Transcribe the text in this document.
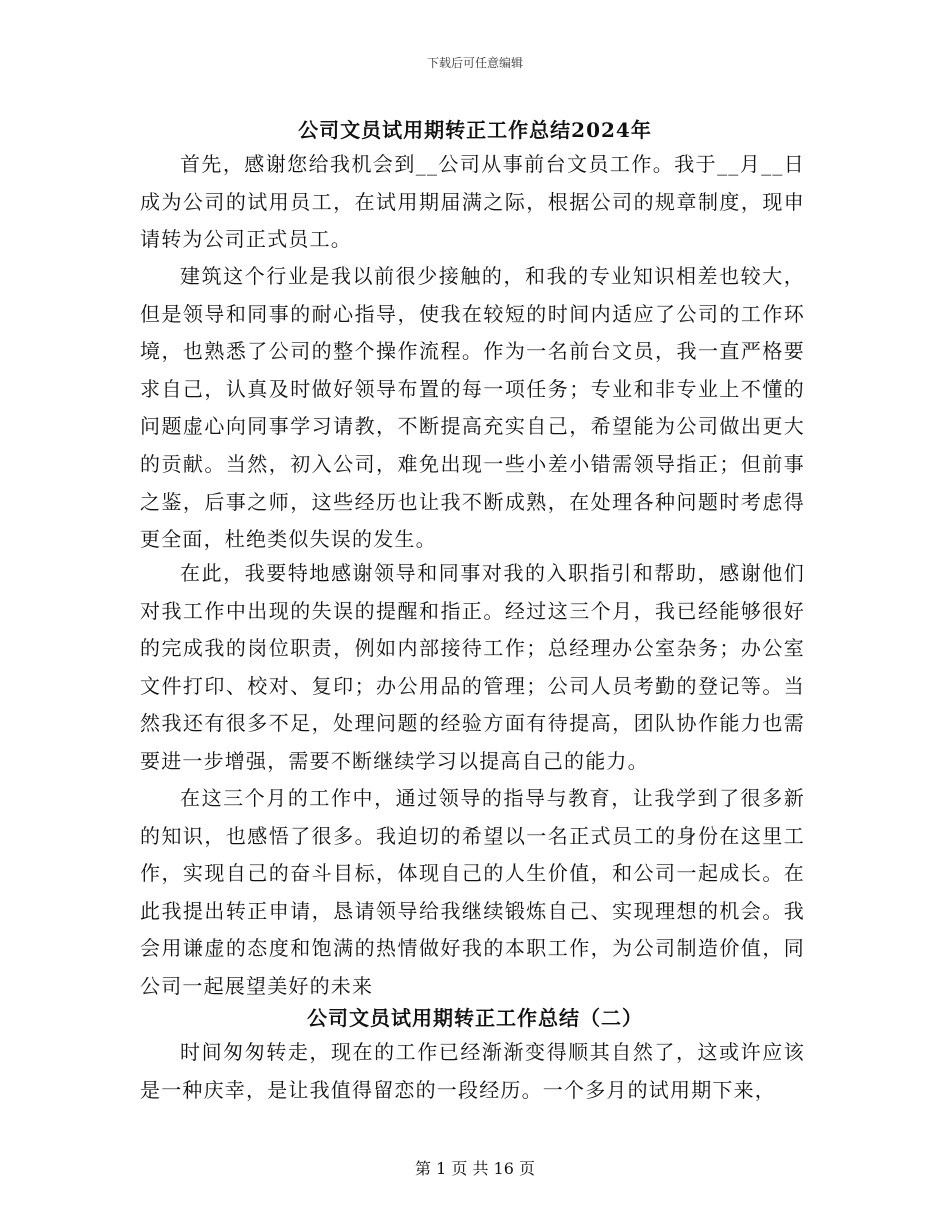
下载后可任意编辑
公司文员试用期转正工作总结2024年

首先，感谢您给我机会到__公司从事前台文员工作。我于__月__日成为公司的试用员工，在试用期届满之际，根据公司的规章制度，现申请转为公司正式员工。

建筑这个行业是我以前很少接触的，和我的专业知识相差也较大，但是领导和同事的耐心指导，使我在较短的时间内适应了公司的工作环境，也熟悉了公司的整个操作流程。作为一名前台文员，我一直严格要求自己，认真及时做好领导布置的每一项任务；专业和非专业上不懂的问题虚心向同事学习请教，不断提高充实自己，希望能为公司做出更大的贡献。当然，初入公司，难免出现一些小差小错需领导指正；但前事之鉴，后事之师，这些经历也让我不断成熟，在处理各种问题时考虑得更全面，杜绝类似失误的发生。

在此，我要特地感谢领导和同事对我的入职指引和帮助，感谢他们对我工作中出现的失误的提醒和指正。经过这三个月，我已经能够很好的完成我的岗位职责，例如内部接待工作；总经理办公室杂务；办公室文件打印、校对、复印；办公用品的管理；公司人员考勤的登记等。当然我还有很多不足，处理问题的经验方面有待提高，团队协作能力也需要进一步增强，需要不断继续学习以提高自己的能力。

在这三个月的工作中，通过领导的指导与教育，让我学到了很多新的知识，也感悟了很多。我迫切的希望以一名正式员工的身份在这里工作，实现自己的奋斗目标，体现自己的人生价值，和公司一起成长。在此我提出转正申请，恳请领导给我继续锻炼自己、实现理想的机会。我会用谦虚的态度和饱满的热情做好我的本职工作，为公司制造价值，同公司一起展望美好的未来

公司文员试用期转正工作总结（二）

时间匆匆转走，现在的工作已经渐渐变得顺其自然了，这或许应该是一种庆幸，是让我值得留恋的一段经历。一个多月的试用期下来，

第 1 页 共 16 页
